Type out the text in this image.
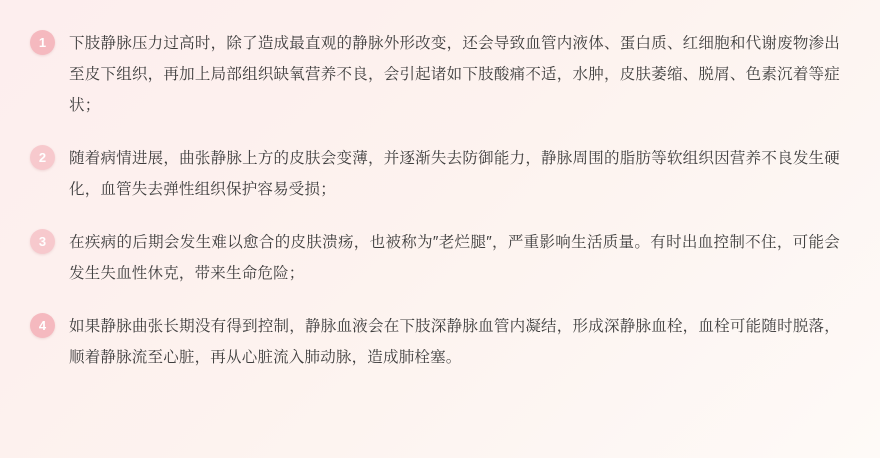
1	下肢静脉压力过高时，除了造成最直观的静脉外形改变，还会导致血管内液体、蛋白质、红细胞和代谢废物渗出至皮下组织，再加上局部组织缺氧营养不良，会引起诸如下肢酸痛不适，水肿，皮肤萎缩、脱屑、色素沉着等症状；
2	随着病情进展，曲张静脉上方的皮肤会变薄，并逐渐失去防御能力，静脉周围的脂肪等软组织因营养不良发生硬化，血管失去弹性组织保护容易受损；
3	在疾病的后期会发生难以愈合的皮肤溃疡，也被称为″老烂腿″，严重影响生活质量。有时出血控制不住，可能会发生失血性休克，带来生命危险；
4	如果静脉曲张长期没有得到控制，静脉血液会在下肢深静脉血管内凝结，形成深静脉血栓，血栓可能随时脱落，顺着静脉流至心脏，再从心脏流入肺动脉，造成肺栓塞。
